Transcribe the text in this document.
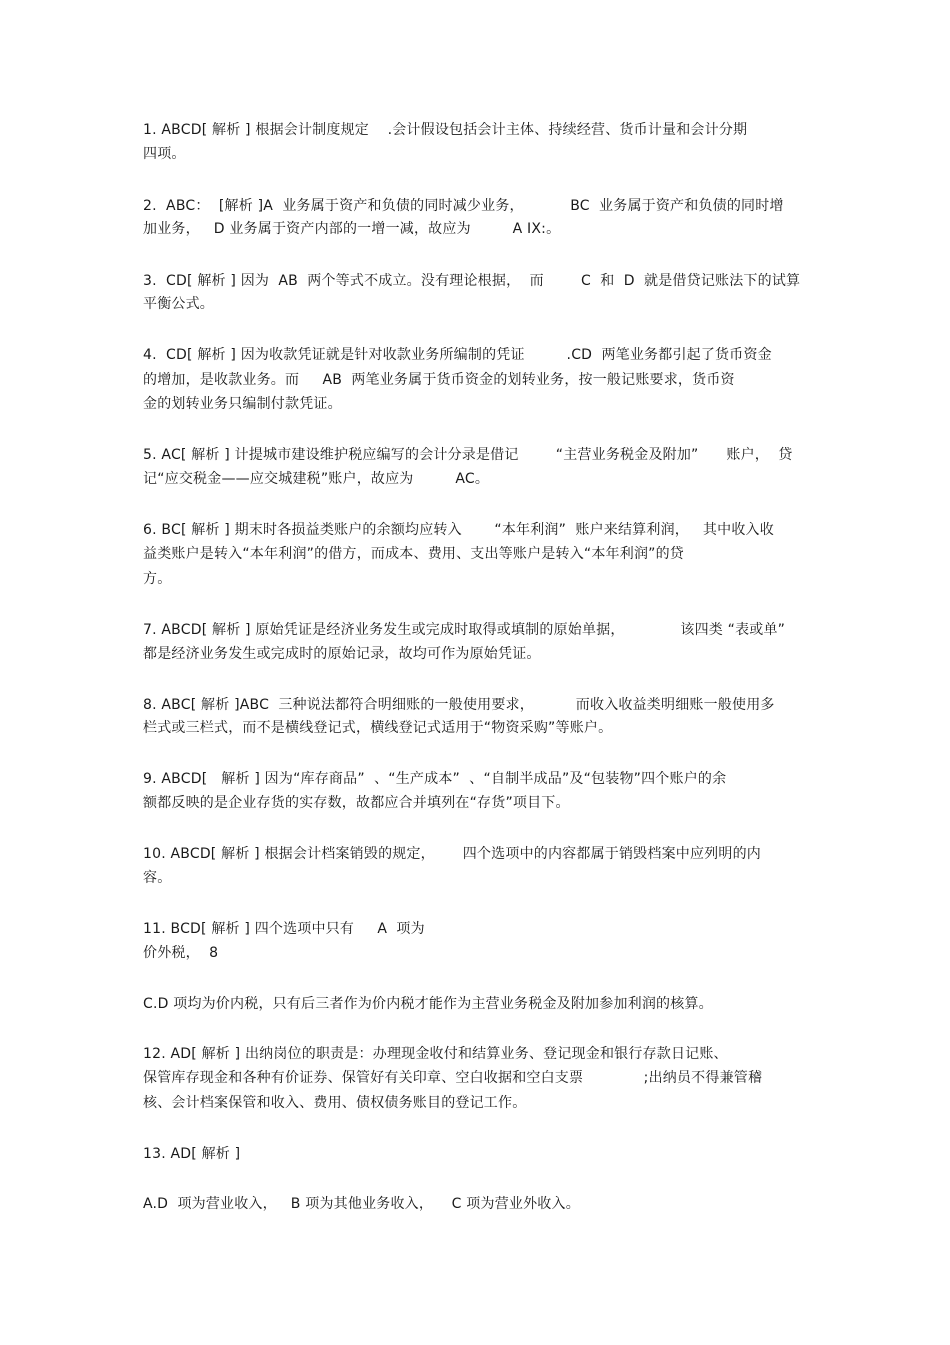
1. ABCD[ 解析 ] 根据会计制度规定    .会计假设包括会计主体、持续经营、货币计量和会计分期
四项。
2.  ABC：  [解析 ]A  业务属于资产和负债的同时减少业务，          BC  业务属于资产和负债的同时增
加业务，   D 业务属于资产内部的一增一减，故应为         A IX:。
3.  CD[ 解析 ] 因为  AB  两个等式不成立。没有理论根据，  而        C  和  D  就是借贷记账法下的试算
平衡公式。
4.  CD[ 解析 ] 因为收款凭证就是针对收款业务所编制的凭证         .CD  两笔业务都引起了货币资金
的增加，是收款业务。而     AB  两笔业务属于货币资金的划转业务，按一般记账要求，货币资
金的划转业务只编制付款凭证。
5. AC[ 解析 ] 计提城市建设维护税应编写的会计分录是借记        “主营业务税金及附加”      账户，  贷
记“应交税金——应交城建税”账户，故应为         AC。
6. BC[ 解析 ] 期末时各损益类账户的余额均应转入       “本年利润”  账户来结算利润，   其中收入收
益类账户是转入“本年利润”的借方，而成本、费用、支出等账户是转入“本年利润”的贷
方。
7. ABCD[ 解析 ] 原始凭证是经济业务发生或完成时取得或填制的原始单据，            该四类 “表或单”
都是经济业务发生或完成时的原始记录，故均可作为原始凭证。
8. ABC[ 解析 ]ABC  三种说法都符合明细账的一般使用要求，         而收入收益类明细账一般使用多
栏式或三栏式，而不是横线登记式，横线登记式适用于“物资采购”等账户。
9. ABCD[   解析 ] 因为“库存商品”  、“生产成本”  、“自制半成品”及“包装物”四个账户的余
额都反映的是企业存货的实存数，故都应合并填列在“存货”项目下。
10. ABCD[ 解析 ] 根据会计档案销毁的规定，      四个选项中的内容都属于销毁档案中应列明的内
容。
11. BCD[ 解析 ] 四个选项中只有     A  项为
价外税，  8
C.D 项均为价内税，只有后三者作为价内税才能作为主营业务税金及附加参加利润的核算。
12. AD[ 解析 ] 出纳岗位的职责是：办理现金收付和结算业务、登记现金和银行存款日记账、
保管库存现金和各种有价证券、保管好有关印章、空白收据和空白支票             ;出纳员不得兼管稽
核、会计档案保管和收入、费用、债权债务账目的登记工作。
13. AD[ 解析 ]
A.D  项为营业收入，   B 项为其他业务收入，    C 项为营业外收入。
